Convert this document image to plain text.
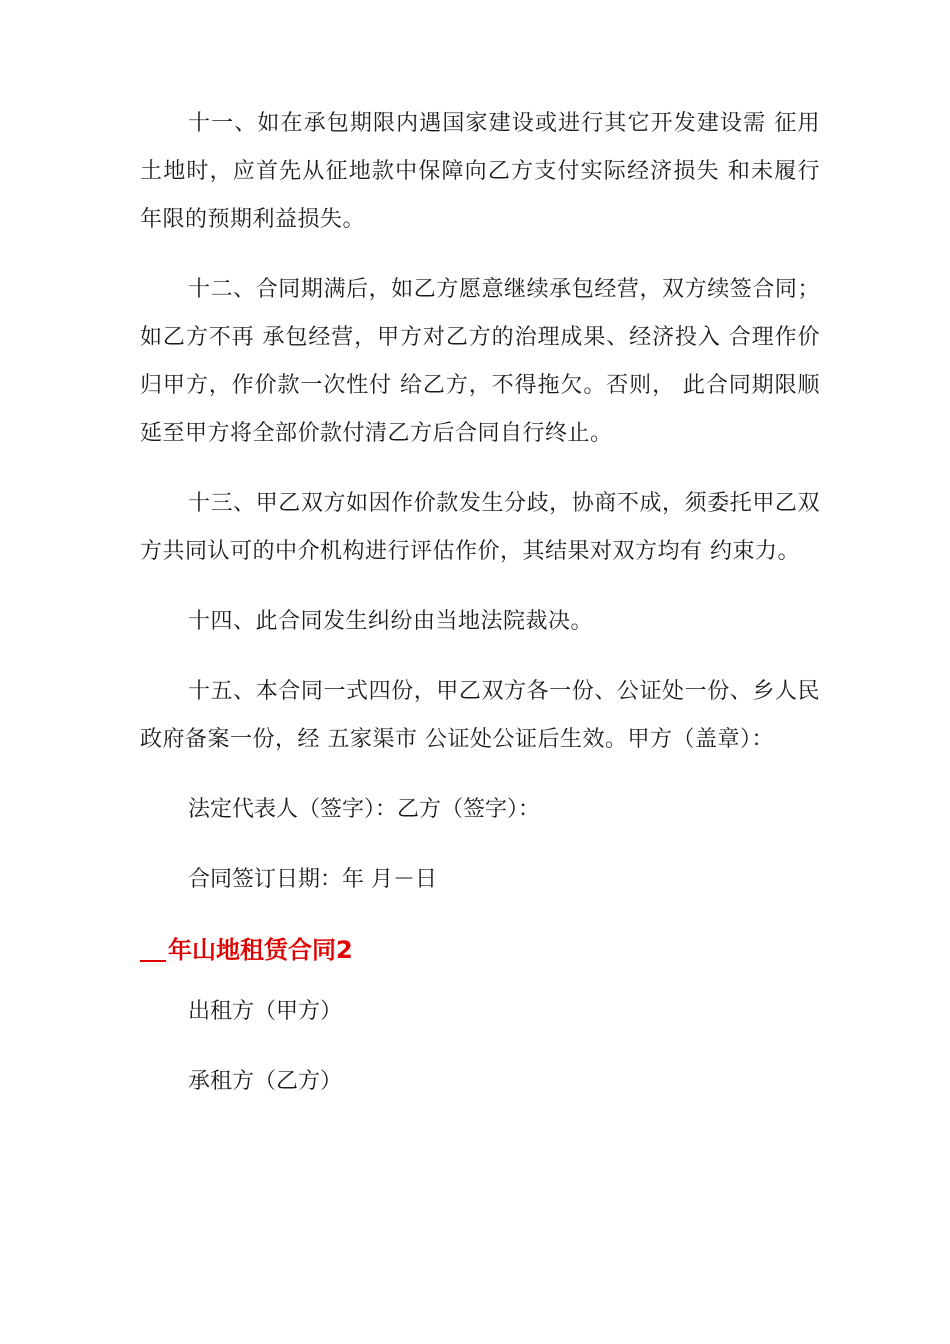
十一、如在承包期限内遇国家建设或进行其它开发建设需 征用土地时，应首先从征地款中保障向乙方支付实际经济损失 和未履行年限的预期利益损失。

十二、合同期满后，如乙方愿意继续承包经营，双方续签合同；如乙方不再 承包经营，甲方对乙方的治理成果、经济投入 合理作价归甲方，作价款一次性付 给乙方，不得拖欠。否则， 此合同期限顺延至甲方将全部价款付清乙方后合同自行终止。

十三、甲乙双方如因作价款发生分歧，协商不成，须委托甲乙双方共同认可的中介机构进行评估作价，其结果对双方均有 约束力。

十四、此合同发生纠纷由当地法院裁决。

十五、本合同一式四份，甲乙双方各一份、公证处一份、乡人民政府备案一份，经 五家渠市 公证处公证后生效。甲方（盖章）：

法定代表人（签字）：乙方（签字）：

合同签订日期：年 月－日

年山地租赁合同2

出租方（甲方）

承租方（乙方）
